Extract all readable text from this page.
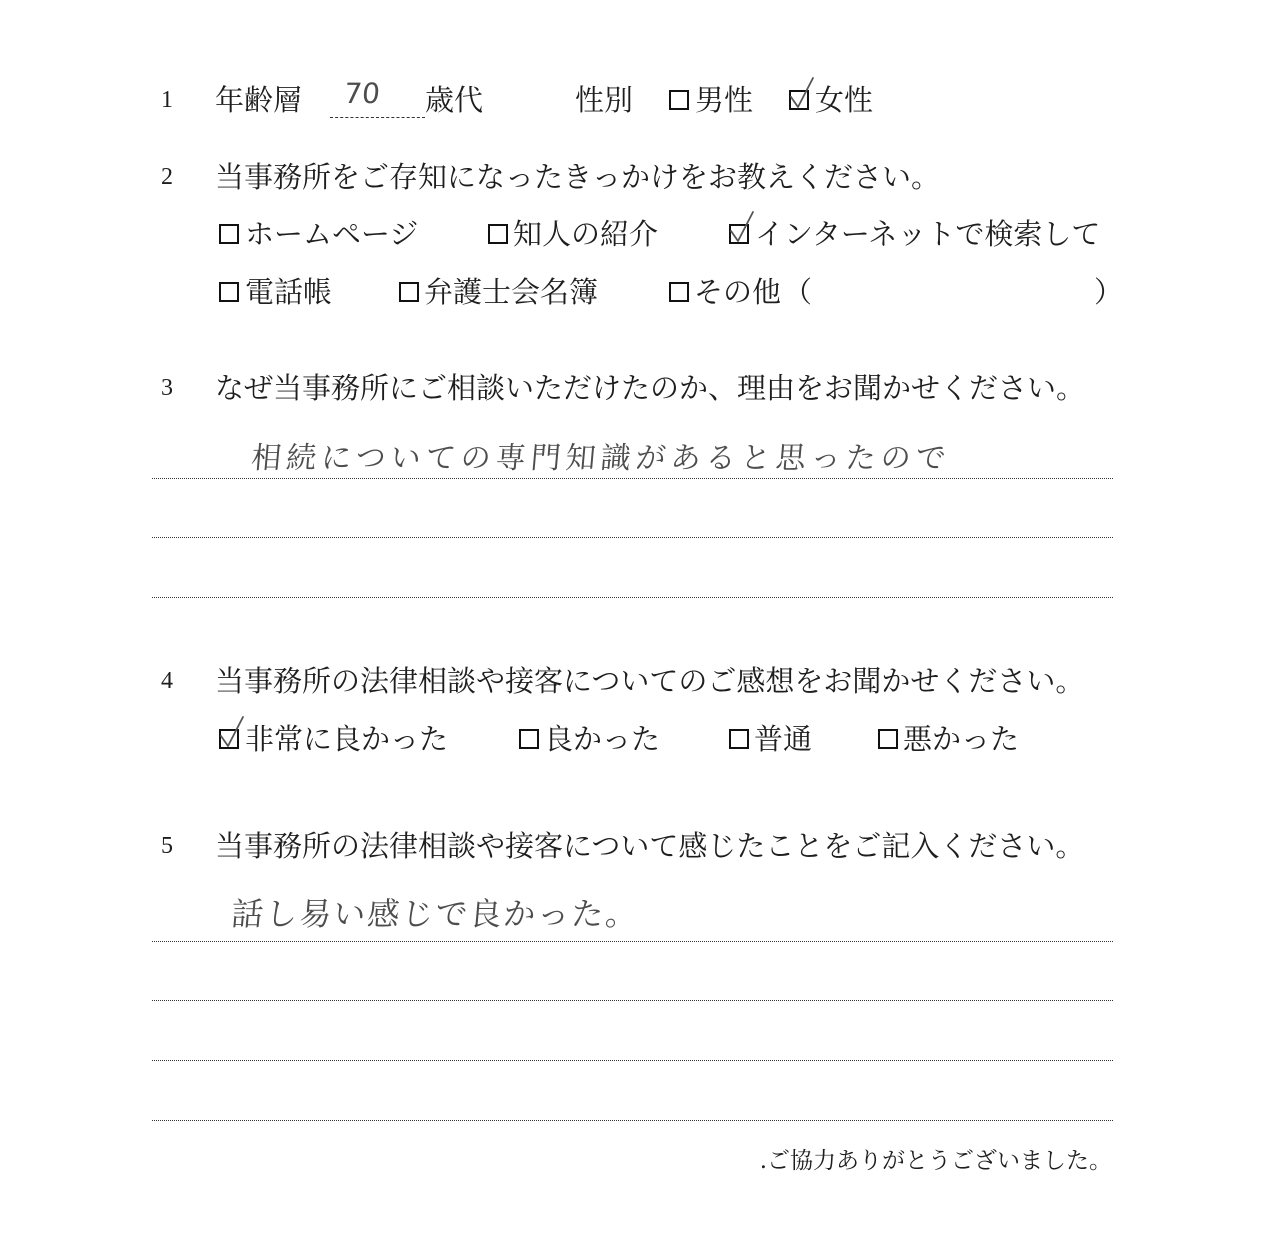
1 年齢層 70 歳代	性別 男性 女性
2 当事務所をご存知になったきっかけをお教えください。
ホームページ	知人の紹介	インターネットで検索して
電話帳	弁護士会名簿	その他 （	）
3 なぜ当事務所にご相談いただけたのか、理由をお聞かせください。
相続についての専門知識があると思ったので
4 当事務所の法律相談や接客についてのご感想をお聞かせください。
非常に良かった	良かった	普通	悪かった
5 当事務所の法律相談や接客について感じたことをご記入ください。
話し易い感じで良かった。
.ご協力ありがとうございました。
